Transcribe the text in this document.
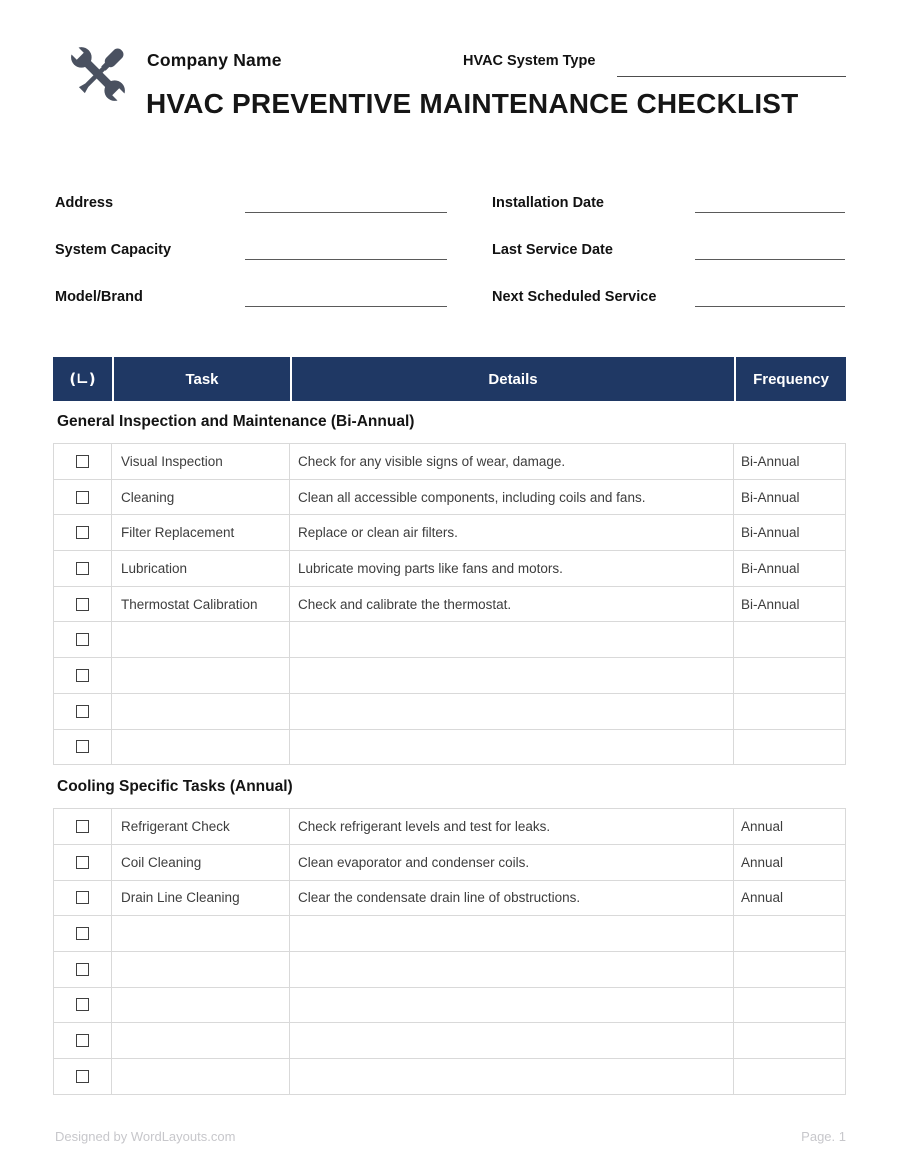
Company Name	HVAC System Type
HVAC PREVENTIVE MAINTENANCE CHECKLIST
Address
System Capacity
Model/Brand
Installation Date
Last Service Date
Next Scheduled Service
(∟)	Task	Details	Frequency
General Inspection and Maintenance (Bi-Annual)
Visual Inspection	Check for any visible signs of wear, damage.	Bi-Annual
Cleaning	Clean all accessible components, including coils and fans.	Bi-Annual
Filter Replacement	Replace or clean air filters.	Bi-Annual
Lubrication	Lubricate moving parts like fans and motors.	Bi-Annual
Thermostat Calibration	Check and calibrate the thermostat.	Bi-Annual
Cooling Specific Tasks (Annual)
Refrigerant Check	Check refrigerant levels and test for leaks.	Annual
Coil Cleaning	Clean evaporator and condenser coils.	Annual
Drain Line Cleaning	Clear the condensate drain line of obstructions.	Annual
Designed by WordLayouts.com	Page. 1
